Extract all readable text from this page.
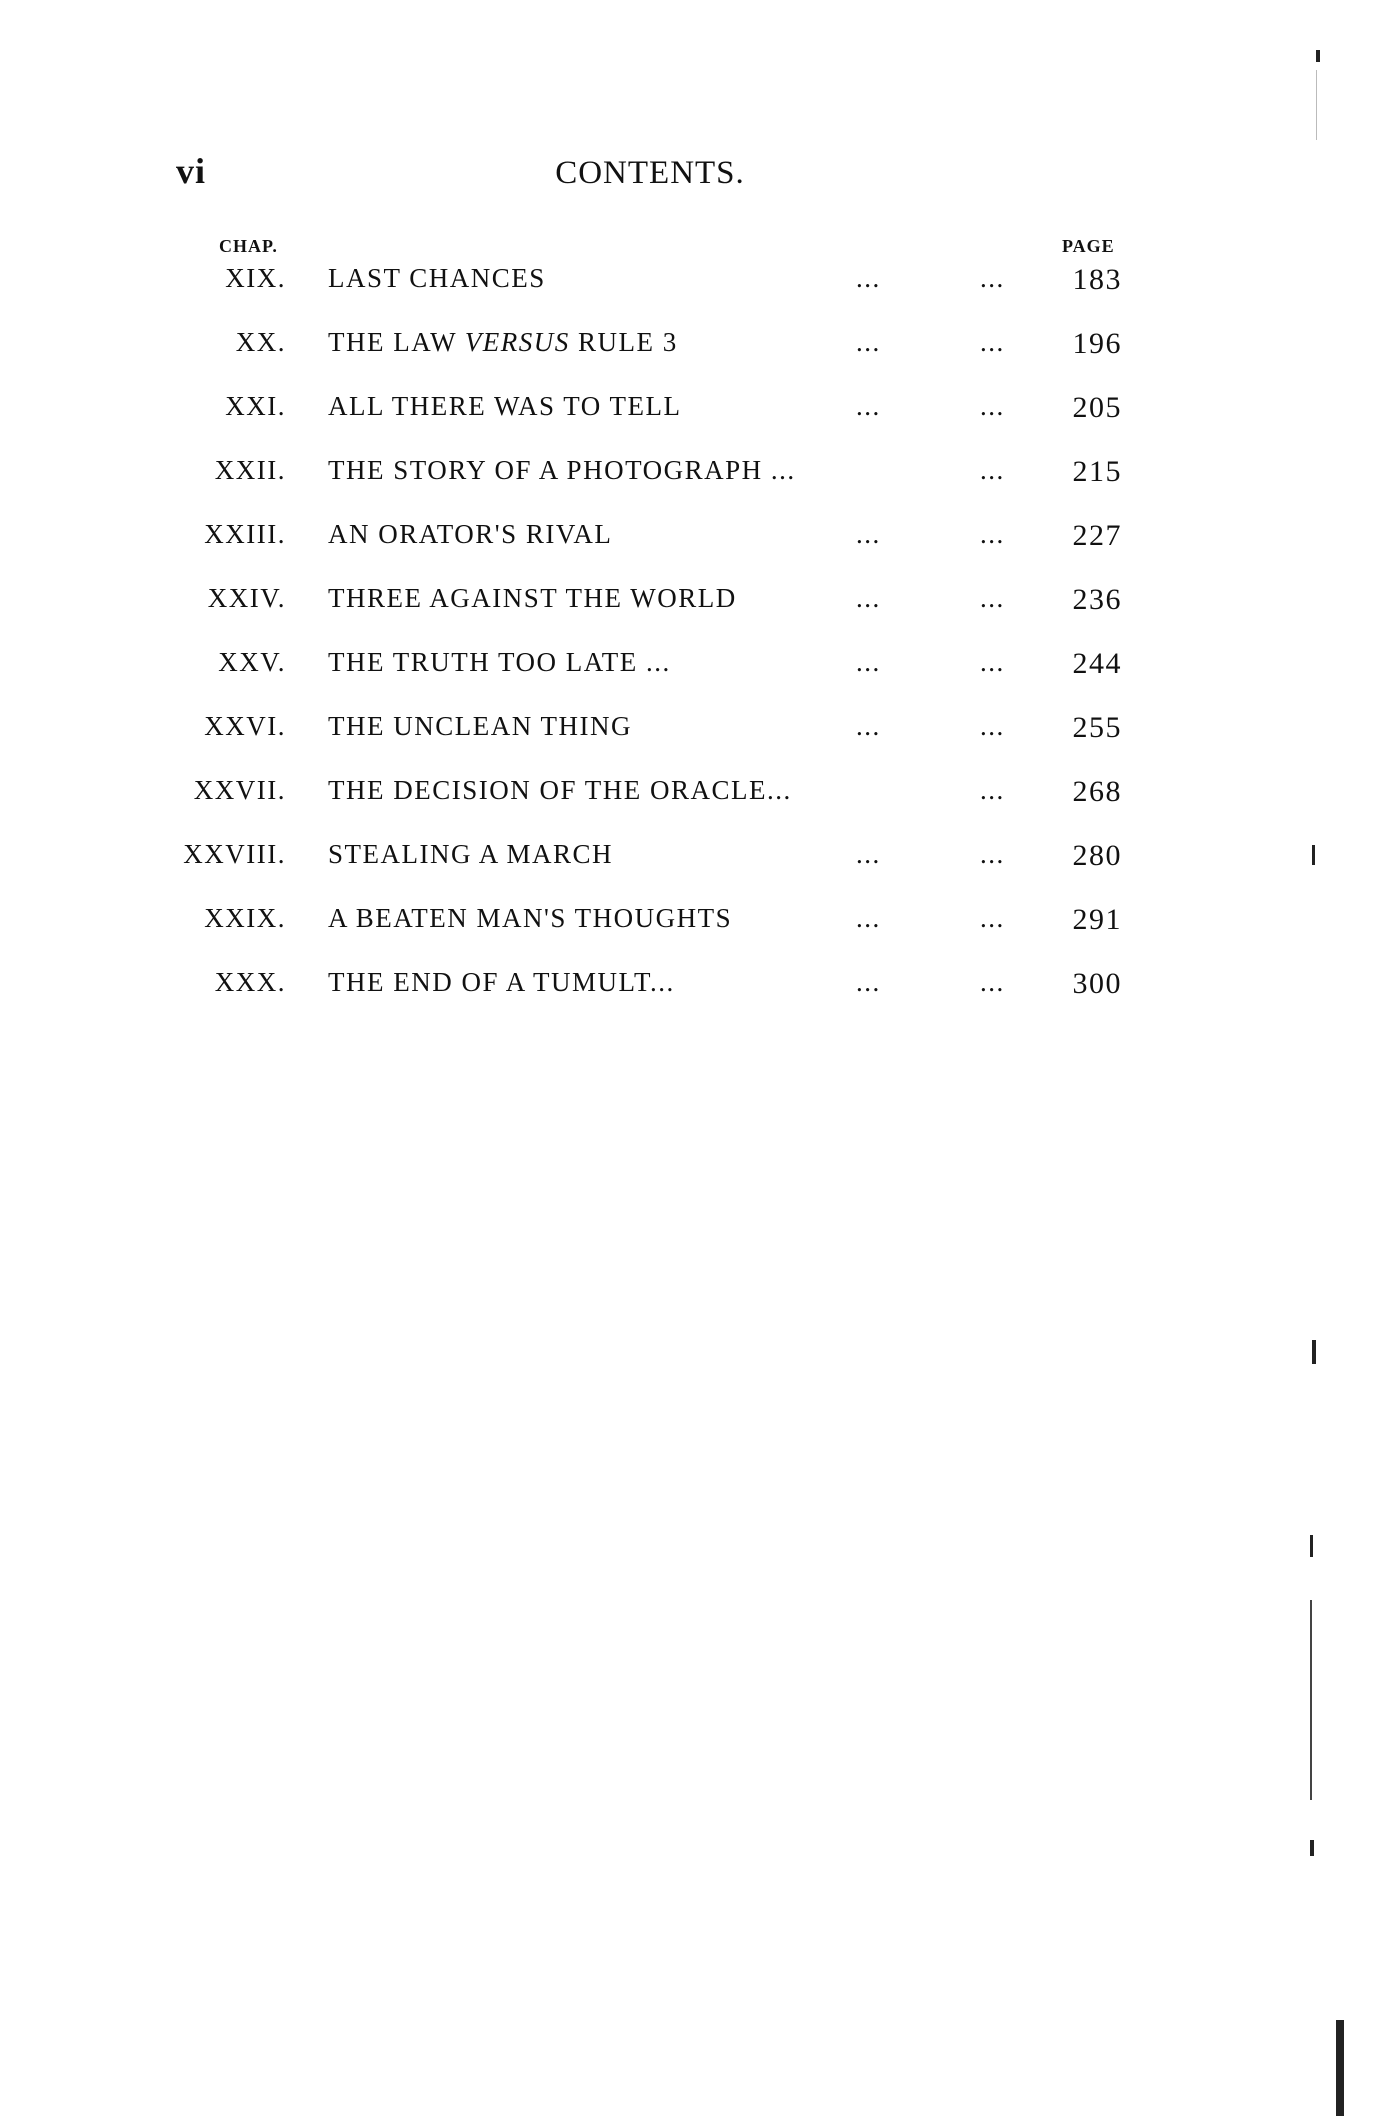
vi	CONTENTS.
CHAP.	PAGE
XIX. LAST CHANCES	...	...	183
XX. THE LAW VERSUS RULE 3	...	...	196
XXI. ALL THERE WAS TO TELL	...	...	205
XXII. THE STORY OF A PHOTOGRAPH ...	...	215
XXIII. AN ORATOR'S RIVAL	...	...	227
XXIV. THREE AGAINST THE WORLD	...	...	236
XXV. THE TRUTH TOO LATE ...	...	...	244
XXVI. THE UNCLEAN THING	...	...	255
XXVII. THE DECISION OF THE ORACLE...	...	268
XXVIII. STEALING A MARCH	...	...	280
XXIX. A BEATEN MAN'S THOUGHTS	...	...	291
XXX. THE END OF A TUMULT...	...	...	300
